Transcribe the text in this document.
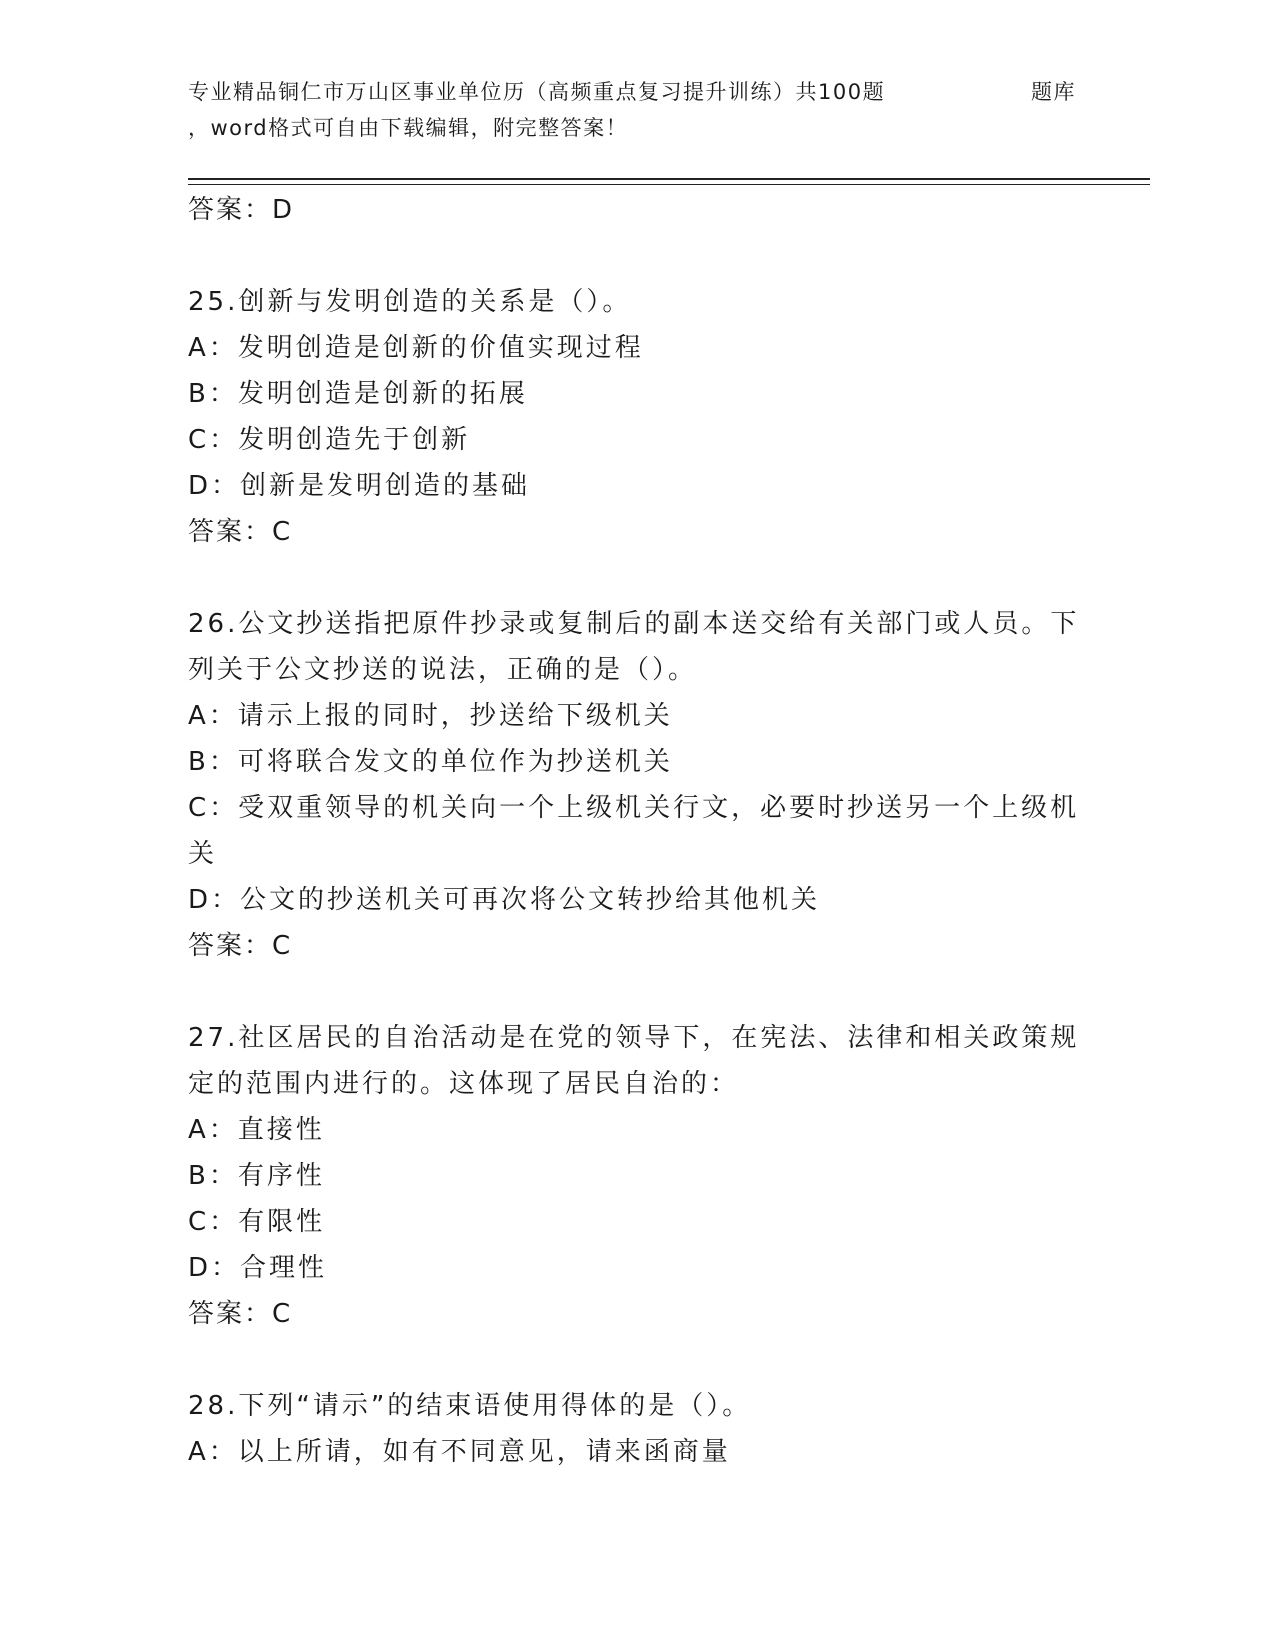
专业精品铜仁市万山区事业单位历（高频重点复习提升训练）共100题	题库
，word格式可自由下载编辑，附完整答案！
答案：D
25.创新与发明创造的关系是（）。
A：发明创造是创新的价值实现过程
B：发明创造是创新的拓展
C：发明创造先于创新
D：创新是发明创造的基础
答案：C
26.公文抄送指把原件抄录或复制后的副本送交给有关部门或人员。下
列关于公文抄送的说法，正确的是（）。
A：请示上报的同时，抄送给下级机关
B：可将联合发文的单位作为抄送机关
C：受双重领导的机关向一个上级机关行文，必要时抄送另一个上级机
关
D：公文的抄送机关可再次将公文转抄给其他机关
答案：C
27.社区居民的自治活动是在党的领导下，在宪法、法律和相关政策规
定的范围内进行的。这体现了居民自治的：
A：直接性
B：有序性
C：有限性
D：合理性
答案：C
28.下列“请示”的结束语使用得体的是（）。
A：以上所请，如有不同意见，请来函商量
